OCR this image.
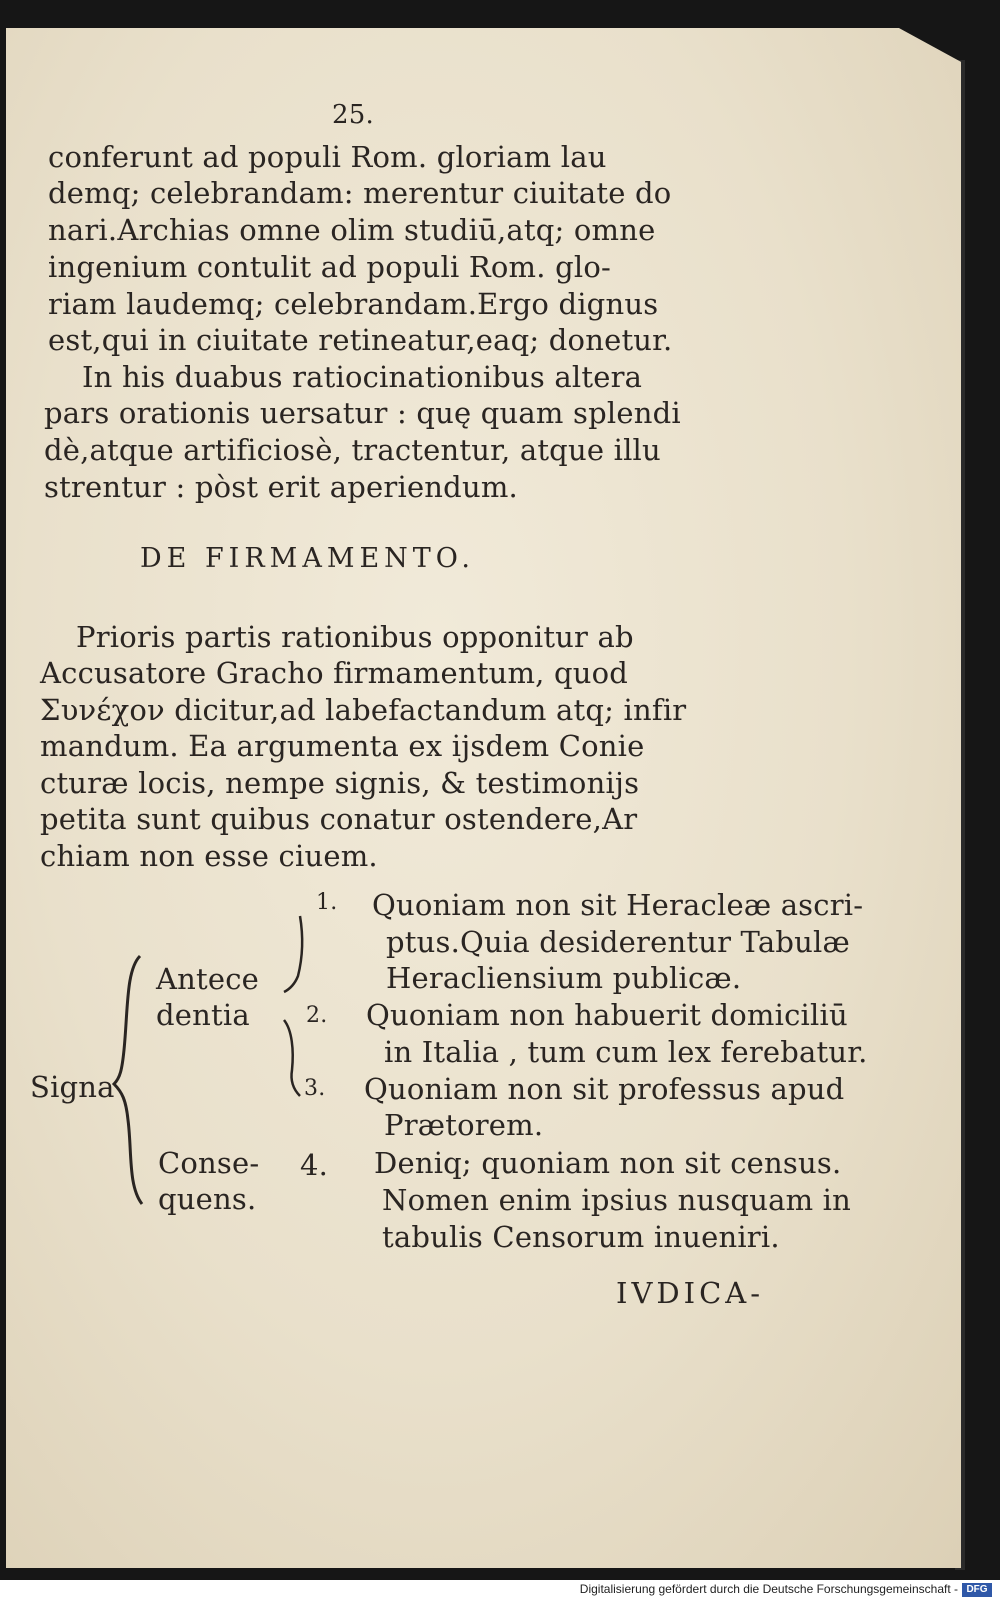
25.
conferunt ad populi Rom. gloriam lau
demq; celebrandam: merentur ciuitate do
nari.Archias omne olim studiū,atq; omne
ingenium contulit ad populi Rom. glo-
riam laudemq; celebrandam.Ergo dignus
est,qui in ciuitate retineatur,eaq; donetur.
In his duabus ratiocinationibus altera
pars orationis uersatur : quę quam splendi
dè,atque artificiosè, tractentur, atque illu
strentur : pòst erit aperiendum.
DE FIRMAMENTO.
Prioris partis rationibus opponitur ab
Accusatore Gracho firmamentum, quod
Συνέχον dicitur,ad labefactandum atq; infir
mandum. Ea argumenta ex ijsdem Conie
cturæ locis, nempe signis, & testimonijs
petita sunt quibus conatur ostendere,Ar
chiam non esse ciuem.
Signa
Antece
dentia
Conse-
quens.
1. Quoniam non sit Heracleæ ascri-
ptus.Quia desiderentur Tabulæ
Heracliensium publicæ.
2. Quoniam non habuerit domiciliū
in Italia , tum cum lex ferebatur.
3. Quoniam non sit professus apud
Prætorem.
4. Deniq; quoniam non sit census.
Nomen enim ipsius nusquam in
tabulis Censorum inueniri.
IVDICA-
Digitalisierung gefördert durch die Deutsche Forschungsgemeinschaft - DFG
